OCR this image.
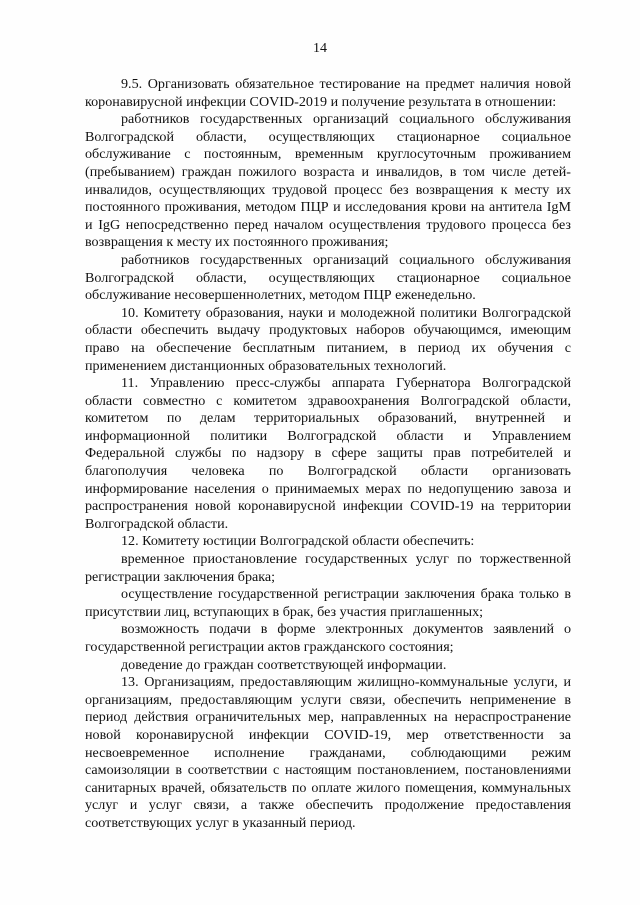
14

9.5. Организовать обязательное тестирование на предмет наличия новой коронавирусной инфекции COVID-2019 и получение результата в отношении:

работников государственных организаций социального обслуживания Волгоградской области, осуществляющих стационарное социальное обслуживание с постоянным, временным круглосуточным проживанием (пребыванием) граждан пожилого возраста и инвалидов, в том числе детей-инвалидов, осуществляющих трудовой процесс без возвращения к месту их постоянного проживания, методом ПЦР и исследования крови на антитела IgM и IgG непосредственно перед началом осуществления трудового процесса без возвращения к месту их постоянного проживания;

работников государственных организаций социального обслуживания Волгоградской области, осуществляющих стационарное социальное обслуживание несовершеннолетних, методом ПЦР еженедельно.

10. Комитету образования, науки и молодежной политики Волгоградской области обеспечить выдачу продуктовых наборов обучающимся, имеющим право на обеспечение бесплатным питанием, в период их обучения с применением дистанционных образовательных технологий.

11. Управлению пресс-службы аппарата Губернатора Волгоградской области совместно с комитетом здравоохранения Волгоградской области, комитетом по делам территориальных образований, внутренней и информационной политики Волгоградской области и Управлением Федеральной службы по надзору в сфере защиты прав потребителей и благополучия человека по Волгоградской области организовать информирование населения о принимаемых мерах по недопущению завоза и распространения новой коронавирусной инфекции COVID-19 на территории Волгоградской области.

12. Комитету юстиции Волгоградской области обеспечить:

временное приостановление государственных услуг по торжественной регистрации заключения брака;

осуществление государственной регистрации заключения брака только в присутствии лиц, вступающих в брак, без участия приглашенных;

возможность подачи в форме электронных документов заявлений о государственной регистрации актов гражданского состояния;

доведение до граждан соответствующей информации.

13. Организациям, предоставляющим жилищно-коммунальные услуги, и организациям, предоставляющим услуги связи, обеспечить неприменение в период действия ограничительных мер, направленных на нераспространение новой коронавирусной инфекции COVID-19, мер ответственности за несвоевременное исполнение гражданами, соблюдающими режим самоизоляции в соответствии с настоящим постановлением, постановлениями санитарных врачей, обязательств по оплате жилого помещения, коммунальных услуг и услуг связи, а также обеспечить продолжение предоставления соответствующих услуг в указанный период.
